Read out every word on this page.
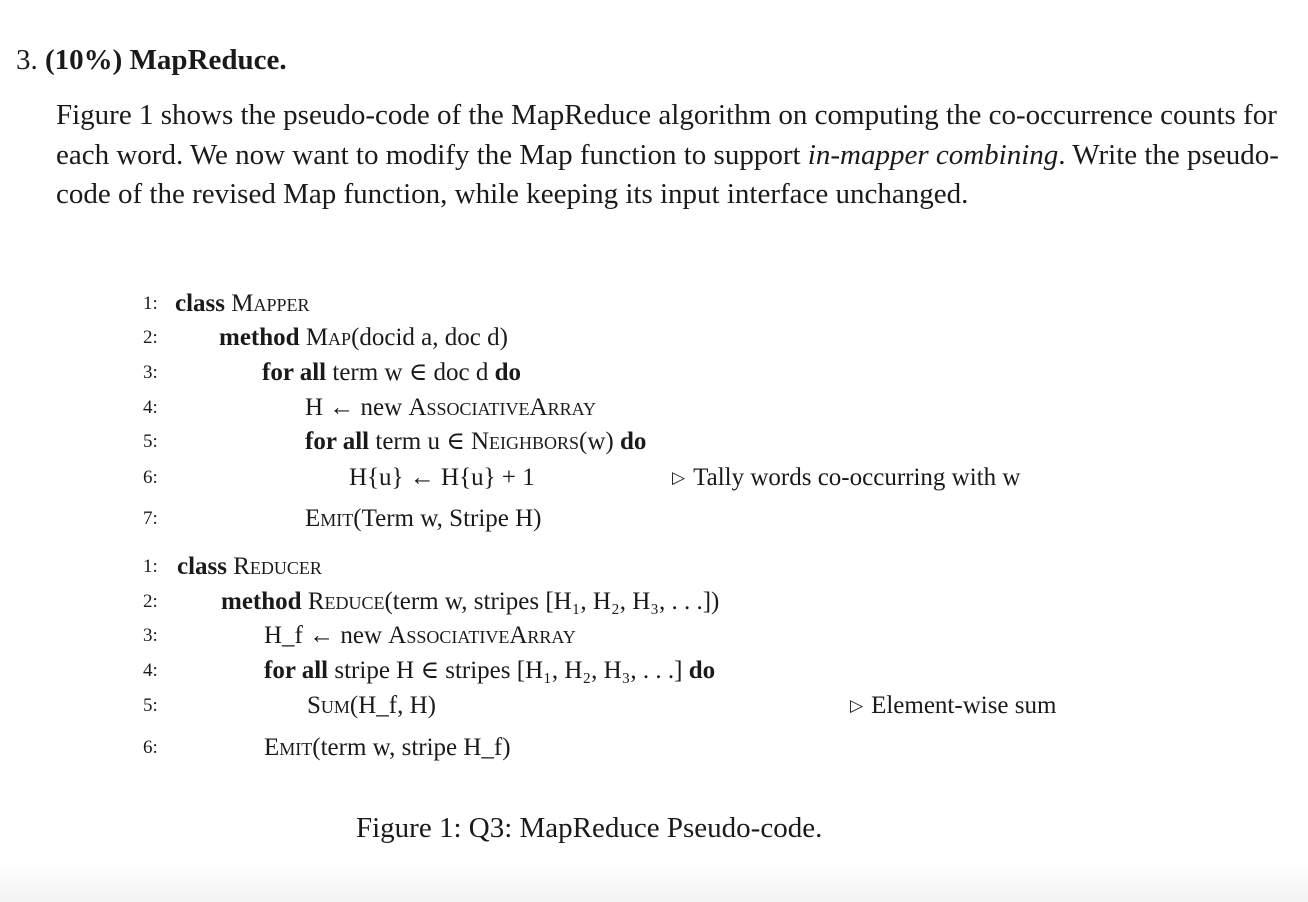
3. (10%) MapReduce.
Figure 1 shows the pseudo-code of the MapReduce algorithm on computing the co-occurrence counts for each word. We now want to modify the Map function to support in-mapper combining. Write the pseudo-code of the revised Map function, while keeping its input interface unchanged.
1: class Mapper
2:	method Map(docid a, doc d)
3:	for all term w ∈ doc d do
4:	H ← new AssociativeArray
5:	for all term u ∈ Neighbors(w) do
6:	H{u} ← H{u} + 1	▷ Tally words co-occurring with w
7:	Emit(Term w, Stripe H)
1: class Reducer
2:	method Reduce(term w, stripes [H₁, H₂, H₃, . . .])
3:	H_f ← new AssociativeArray
4:	for all stripe H ∈ stripes [H₁, H₂, H₃, . . .] do
5:	Sum(H_f, H)	▷ Element-wise sum
6:	Emit(term w, stripe H_f)
Figure 1: Q3: MapReduce Pseudo-code.
